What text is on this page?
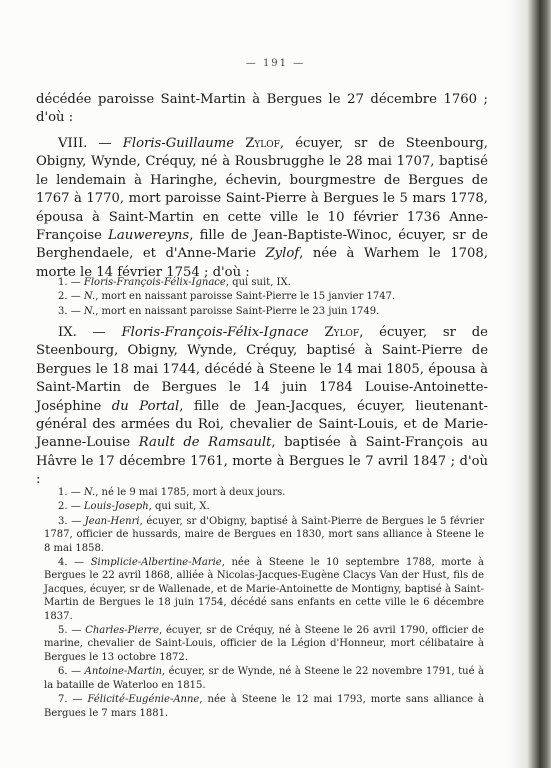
— 191 —

décédée paroisse Saint-Martin à Bergues le 27 décembre 1760 ; d'où :

VIII. — Floris-Guillaume Zylof, écuyer, sr de Steenbourg, Obigny, Wynde, Créquy, né à Rousbrugghe le 28 mai 1707, baptisé le lendemain à Haringhe, échevin, bourgmestre de Bergues de 1767 à 1770, mort paroisse Saint-Pierre à Bergues le 5 mars 1778, épousa à Saint-Martin en cette ville le 10 février 1736 Anne-Françoise Lauwereyns, fille de Jean-Baptiste-Winoc, écuyer, sr de Berghendaele, et d'Anne-Marie Zylof, née à Warhem le 1708, morte le 14 février 1754 ; d'où :

1. — Floris-François-Félix-Ignace, qui suit, IX.

2. — N., mort en naissant paroisse Saint-Pierre le 15 janvier 1747.

3. — N., mort en naissant paroisse Saint-Pierre le 23 juin 1749.

IX. — Floris-François-Félix-Ignace Zylof, écuyer, sr de Steenbourg, Obigny, Wynde, Créquy, baptisé à Saint-Pierre de Bergues le 18 mai 1744, décédé à Steene le 14 mai 1805, épousa à Saint-Martin de Bergues le 14 juin 1784 Louise-Antoinette-Joséphine du Portal, fille de Jean-Jacques, écuyer, lieutenant-général des armées du Roi, chevalier de Saint-Louis, et de Marie-Jeanne-Louise Rault de Ramsault, baptisée à Saint-François au Hâvre le 17 décembre 1761, morte à Bergues le 7 avril 1847 ; d'où :

1. — N., né le 9 mai 1785, mort à deux jours.

2. — Louis-Joseph, qui suit, X.

3. — Jean-Henri, écuyer, sr d'Obigny, baptisé à Saint-Pierre de Bergues le 5 février 1787, officier de hussards, maire de Bergues en 1830, mort sans alliance à Steene le 8 mai 1858.

4. — Simplicie-Albertine-Marie, née à Steene le 10 septembre 1788, morte à Bergues le 22 avril 1868, alliée à Nicolas-Jacques-Eugène Clacys Van der Hust, fils de Jacques, écuyer, sr de Wallenade, et de Marie-Antoinette de Montigny, baptisé à Saint-Martin de Bergues le 18 juin 1754, décédé sans enfants en cette ville le 6 décembre 1837.

5. — Charles-Pierre, écuyer, sr de Créquy, né à Steene le 26 avril 1790, officier de marine, chevalier de Saint-Louis, officier de la Légion d'Honneur, mort célibataire à Bergues le 13 octobre 1872.

6. — Antoine-Martin, écuyer, sr de Wynde, né à Steene le 22 novembre 1791, tué à la bataille de Waterloo en 1815.

7. — Félicité-Eugénie-Anne, née à Steene le 12 mai 1793, morte sans alliance à Bergues le 7 mars 1881.
